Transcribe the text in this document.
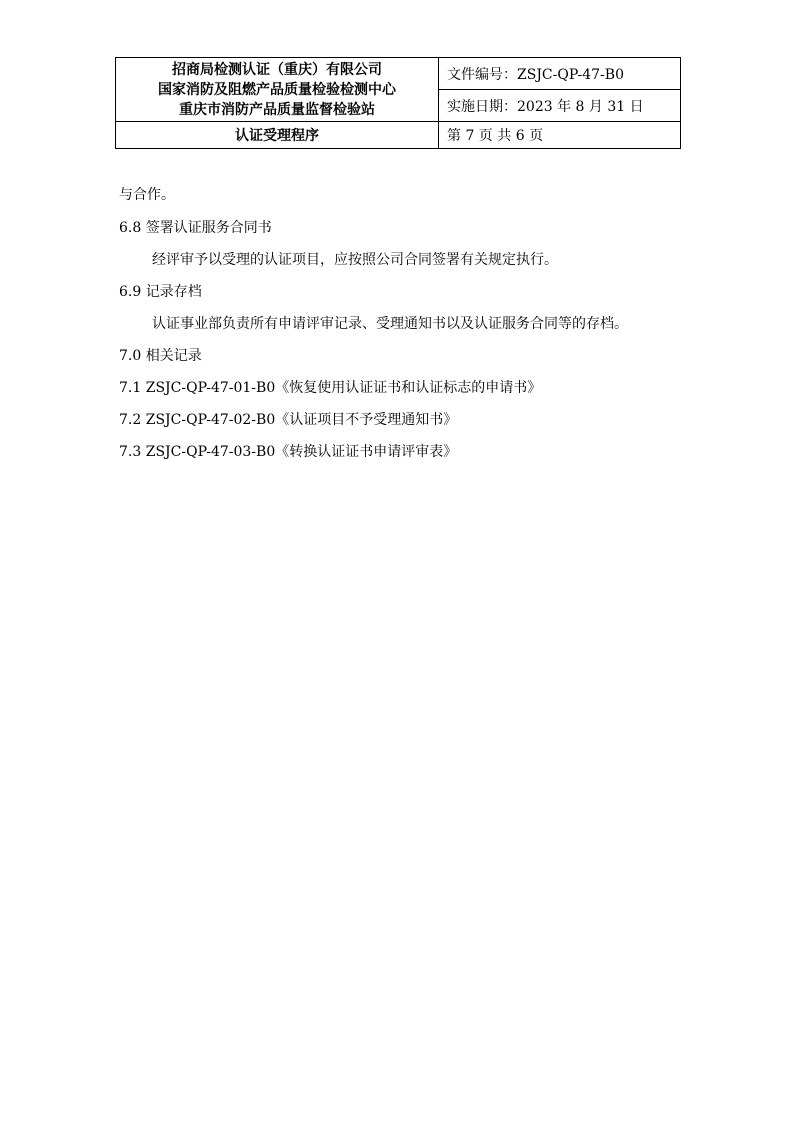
招商局检测认证（重庆）有限公司
国家消防及阻燃产品质量检验检测中心
重庆市消防产品质量监督检验站	文件编号：ZSJC-QP-47-B0
	实施日期：2023 年 8 月 31 日
认证受理程序	第 7 页 共 6 页
与合作。
6.8 签署认证服务合同书
经评审予以受理的认证项目，应按照公司合同签署有关规定执行。
6.9 记录存档
认证事业部负责所有申请评审记录、受理通知书以及认证服务合同等的存档。
7.0 相关记录
7.1 ZSJC-QP-47-01-B0《恢复使用认证证书和认证标志的申请书》
7.2 ZSJC-QP-47-02-B0《认证项目不予受理通知书》
7.3 ZSJC-QP-47-03-B0《转换认证证书申请评审表》
